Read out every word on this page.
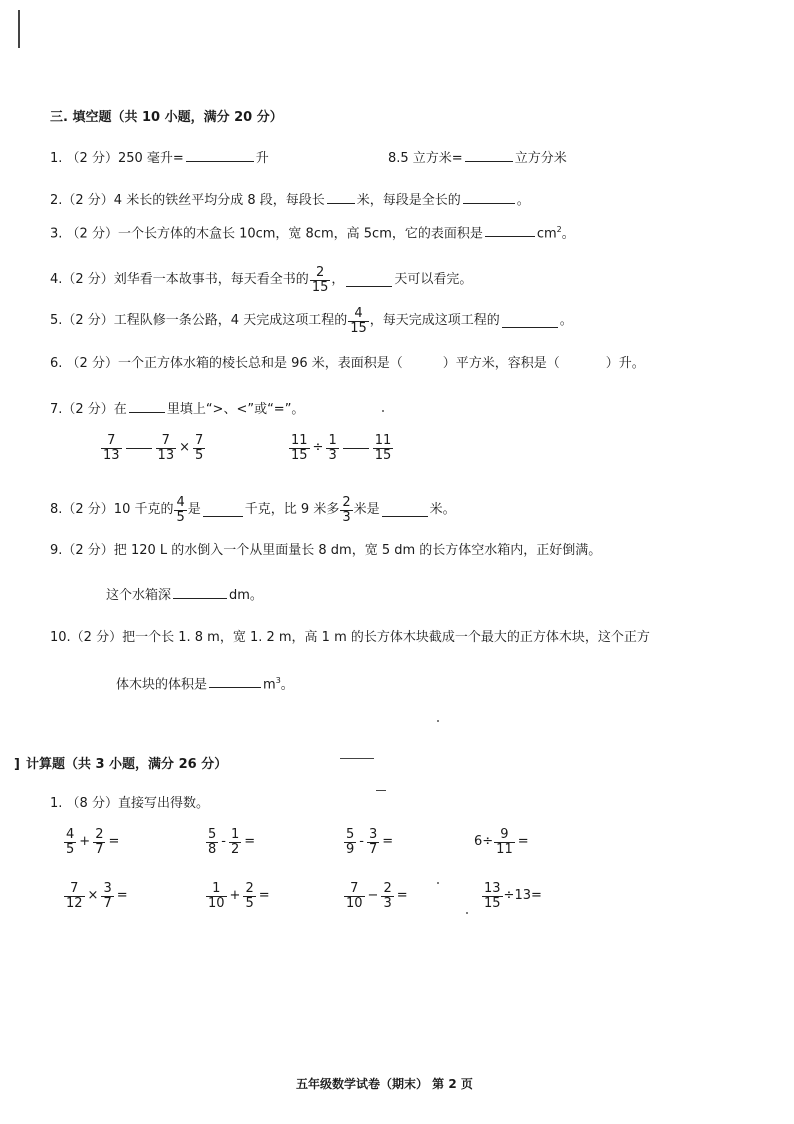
三. 填空题（共 10 小题，满分 20 分）
1. （2 分）250 毫升=	升	8.5 立方米=	立方分米
2.（2 分）4 米长的铁丝平均分成 8 段，每段长 米，每段是全长的	。
3. （2 分）一个长方体的木盒长 10cm，宽 8cm，高 5cm，它的表面积是	$cm^2$。
4.（2 分）刘华看一本故事书，每天看全书的 $\frac{2}{15}$ ，	天可以看完。
5.（2 分）工程队修一条公路，4 天完成这项工程的 $\frac{4}{15}$ ，每天完成这项工程的	。
6. （2 分）一个正方体水箱的棱长总和是 96 米，表面积是（	）平方米，容积是（	）升。
7.（2 分）在	里填上“>、<”或“=”。
$\frac{7}{13}$	$\frac{7}{13} \times \frac{7}{5}$	$\frac{11}{15} \div \frac{1}{3}$	$\frac{11}{15}$
8.（2 分）10 千克的 $\frac{4}{5}$ 是	千克，比 9 米多 $\frac{2}{3}$ 米是	米。
9.（2 分）把 120 L 的水倒入一个从里面量长 8 dm，宽 5 dm 的长方体空水箱内，正好倒满。
这个水箱深	dm。
10.（2 分）把一个长 1. 8 m，宽 1. 2 m，高 1 m 的长方体木块截成一个最大的正方体木块，这个正方
体木块的体积是	$m^3$。
] 计算题（共 3 小题，满分 26 分）
1. （8 分）直接写出得数。
$\frac{4}{5} + \frac{2}{7}$ =	$\frac{5}{8} - \frac{1}{2}$ =	$\frac{5}{9} - \frac{3}{7}$ =	$6\div \frac{9}{11}$ =
$\frac{7}{12} \times \frac{3}{7}$ =	$\frac{1}{10} + \frac{2}{5}$ =	$\frac{7}{10} - \frac{2}{3}$ =	$\frac{13}{15} \div 13=$
五年级数学试卷（期末） 第 2 页
